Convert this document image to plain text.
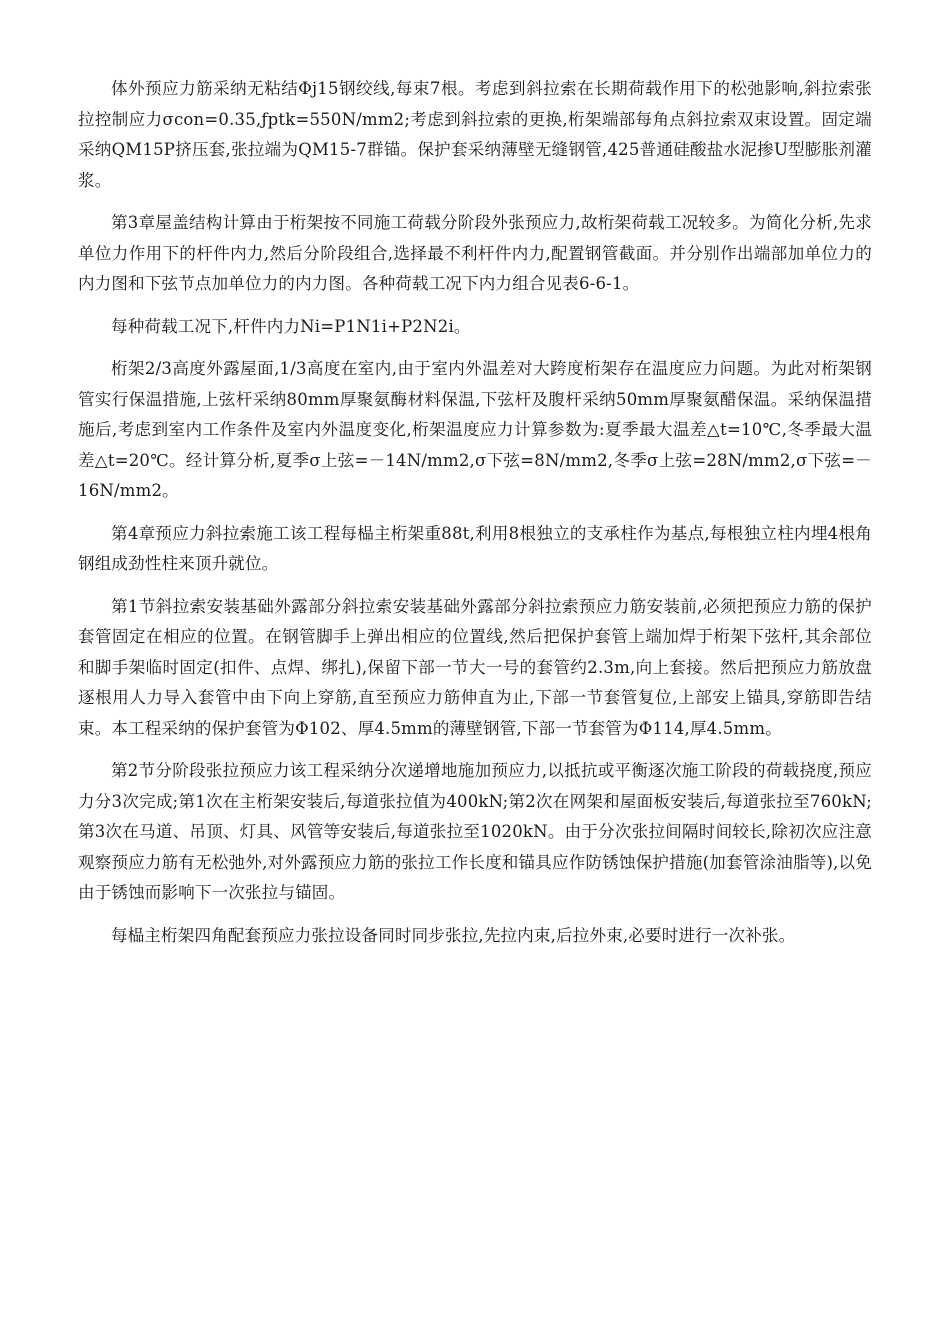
体外预应力筋采纳无粘结Φj15钢绞线,每束7根。考虑到斜拉索在长期荷载作用下的松弛影响,斜拉索张拉控制应力σcon=0.35,ƒptk=550N/mm2;考虑到斜拉索的更换,桁架端部每角点斜拉索双束设置。固定端采纳QM15P挤压套,张拉端为QM15-7群锚。保护套采纳薄壁无缝钢管,425普通硅酸盐水泥掺U型膨胀剂灌浆。

第3章屋盖结构计算由于桁架按不同施工荷载分阶段外张预应力,故桁架荷载工况较多。为简化分析,先求单位力作用下的杆件内力,然后分阶段组合,选择最不利杆件内力,配置钢管截面。并分别作出端部加单位力的内力图和下弦节点加单位力的内力图。各种荷载工况下内力组合见表6-6-1。

每种荷载工况下,杆件内力Ni=P1N1i+P2N2i。

桁架2/3高度外露屋面,1/3高度在室内,由于室内外温差对大跨度桁架存在温度应力问题。为此对桁架钢管实行保温措施,上弦杆采纳80mm厚聚氨酶材料保温,下弦杆及腹杆采纳50mm厚聚氨醋保温。采纳保温措施后,考虑到室内工作条件及室内外温度变化,桁架温度应力计算参数为:夏季最大温差△t=10℃,冬季最大温差△t=20℃。经计算分析,夏季σ上弦=－14N/mm2,σ下弦=8N/mm2,冬季σ上弦=28N/mm2,σ下弦=－16N/mm2。

第4章预应力斜拉索施工该工程每榀主桁架重88t,利用8根独立的支承柱作为基点,每根独立柱内埋4根角钢组成劲性柱来顶升就位。

第1节斜拉索安装基础外露部分斜拉索安装基础外露部分斜拉索预应力筋安装前,必须把预应力筋的保护套管固定在相应的位置。在钢管脚手上弹出相应的位置线,然后把保护套管上端加焊于桁架下弦杆,其余部位和脚手架临时固定(扣件、点焊、绑扎),保留下部一节大一号的套管约2.3m,向上套接。然后把预应力筋放盘逐根用人力导入套管中由下向上穿筋,直至预应力筋伸直为止,下部一节套管复位,上部安上锚具,穿筋即告结束。本工程采纳的保护套管为Φ102、厚4.5mm的薄壁钢管,下部一节套管为Φ114,厚4.5mm。

第2节分阶段张拉预应力该工程采纳分次递增地施加预应力,以抵抗或平衡逐次施工阶段的荷载挠度,预应力分3次完成;第1次在主桁架安装后,每道张拉值为400kN;第2次在网架和屋面板安装后,每道张拉至760kN;第3次在马道、吊顶、灯具、风管等安装后,每道张拉至1020kN。由于分次张拉间隔时间较长,除初次应注意观察预应力筋有无松弛外,对外露预应力筋的张拉工作长度和锚具应作防锈蚀保护措施(加套管涂油脂等),以免由于锈蚀而影响下一次张拉与锚固。

每榀主桁架四角配套预应力张拉设备同时同步张拉,先拉内束,后拉外束,必要时进行一次补张。
